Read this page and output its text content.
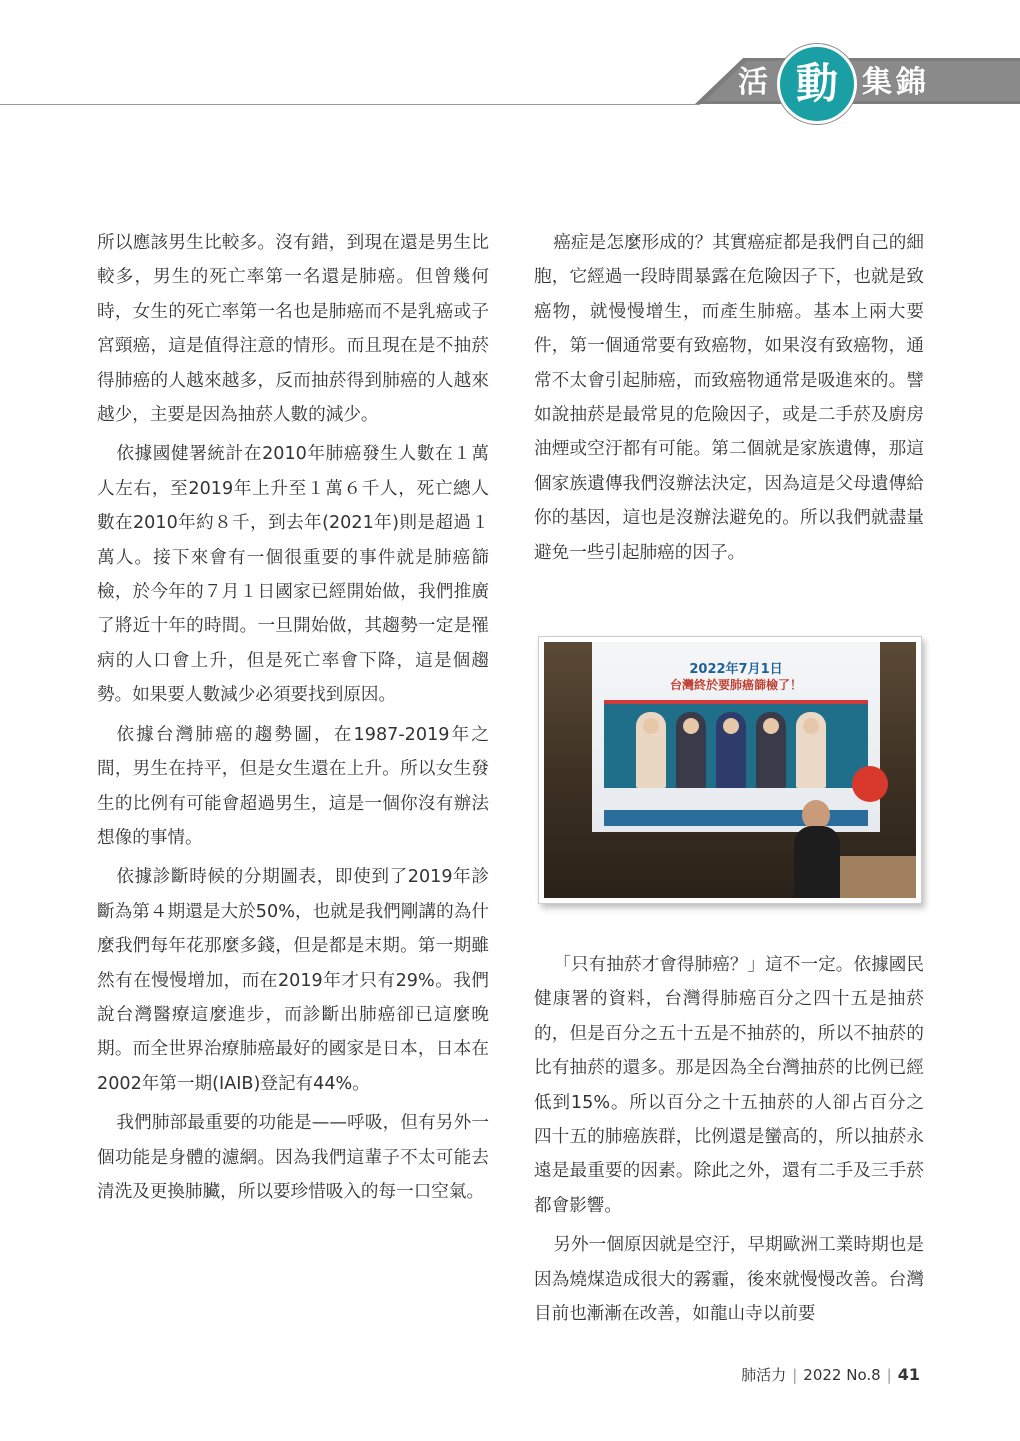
活 動 集 錦

所以應該男生比較多。沒有錯，到現在還是男生比較多，男生的死亡率第一名還是肺癌。但曾幾何時，女生的死亡率第一名也是肺癌而不是乳癌或子宮頸癌，這是值得注意的情形。而且現在是不抽菸得肺癌的人越來越多，反而抽菸得到肺癌的人越來越少，主要是因為抽菸人數的減少。

依據國健署統計在2010年肺癌發生人數在１萬人左右，至2019年上升至１萬６千人，死亡總人數在2010年約８千，到去年(2021年)則是超過１萬人。接下來會有一個很重要的事件就是肺癌篩檢，於今年的７月１日國家已經開始做，我們推廣了將近十年的時間。一旦開始做，其趨勢一定是罹病的人口會上升，但是死亡率會下降，這是個趨勢。如果要人數減少必須要找到原因。

依據台灣肺癌的趨勢圖，在1987-2019年之間，男生在持平，但是女生還在上升。所以女生發生的比例有可能會超過男生，這是一個你沒有辦法想像的事情。

依據診斷時候的分期圖表，即使到了2019年診斷為第４期還是大於50%，也就是我們剛講的為什麼我們每年花那麼多錢，但是都是末期。第一期雖然有在慢慢增加，而在2019年才只有29%。我們說台灣醫療這麼進步，而診斷出肺癌卻已這麼晚期。而全世界治療肺癌最好的國家是日本，日本在2002年第一期(IAIB)登記有44%。

我們肺部最重要的功能是——呼吸，但有另外一個功能是身體的濾網。因為我們這輩子不太可能去清洗及更換肺臟，所以要珍惜吸入的每一口空氣。

癌症是怎麼形成的？其實癌症都是我們自己的細胞，它經過一段時間暴露在危險因子下，也就是致癌物，就慢慢增生，而產生肺癌。基本上兩大要件，第一個通常要有致癌物，如果沒有致癌物，通常不太會引起肺癌，而致癌物通常是吸進來的。譬如說抽菸是最常見的危險因子，或是二手菸及廚房油煙或空汙都有可能。第二個就是家族遺傳，那這個家族遺傳我們沒辦法決定，因為這是父母遺傳給你的基因，這也是沒辦法避免的。所以我們就盡量避免一些引起肺癌的因子。

2022年7月1日
台灣終於要肺癌篩檢了！

「只有抽菸才會得肺癌？」這不一定。依據國民健康署的資料，台灣得肺癌百分之四十五是抽菸的，但是百分之五十五是不抽菸的，所以不抽菸的比有抽菸的還多。那是因為全台灣抽菸的比例已經低到15%。所以百分之十五抽菸的人卻占百分之四十五的肺癌族群，比例還是蠻高的，所以抽菸永遠是最重要的因素。除此之外，還有二手及三手菸都會影響。

另外一個原因就是空汙，早期歐洲工業時期也是因為燒煤造成很大的霧霾，後來就慢慢改善。台灣目前也漸漸在改善，如龍山寺以前要

肺活力 | 2022 No.8 | 41
